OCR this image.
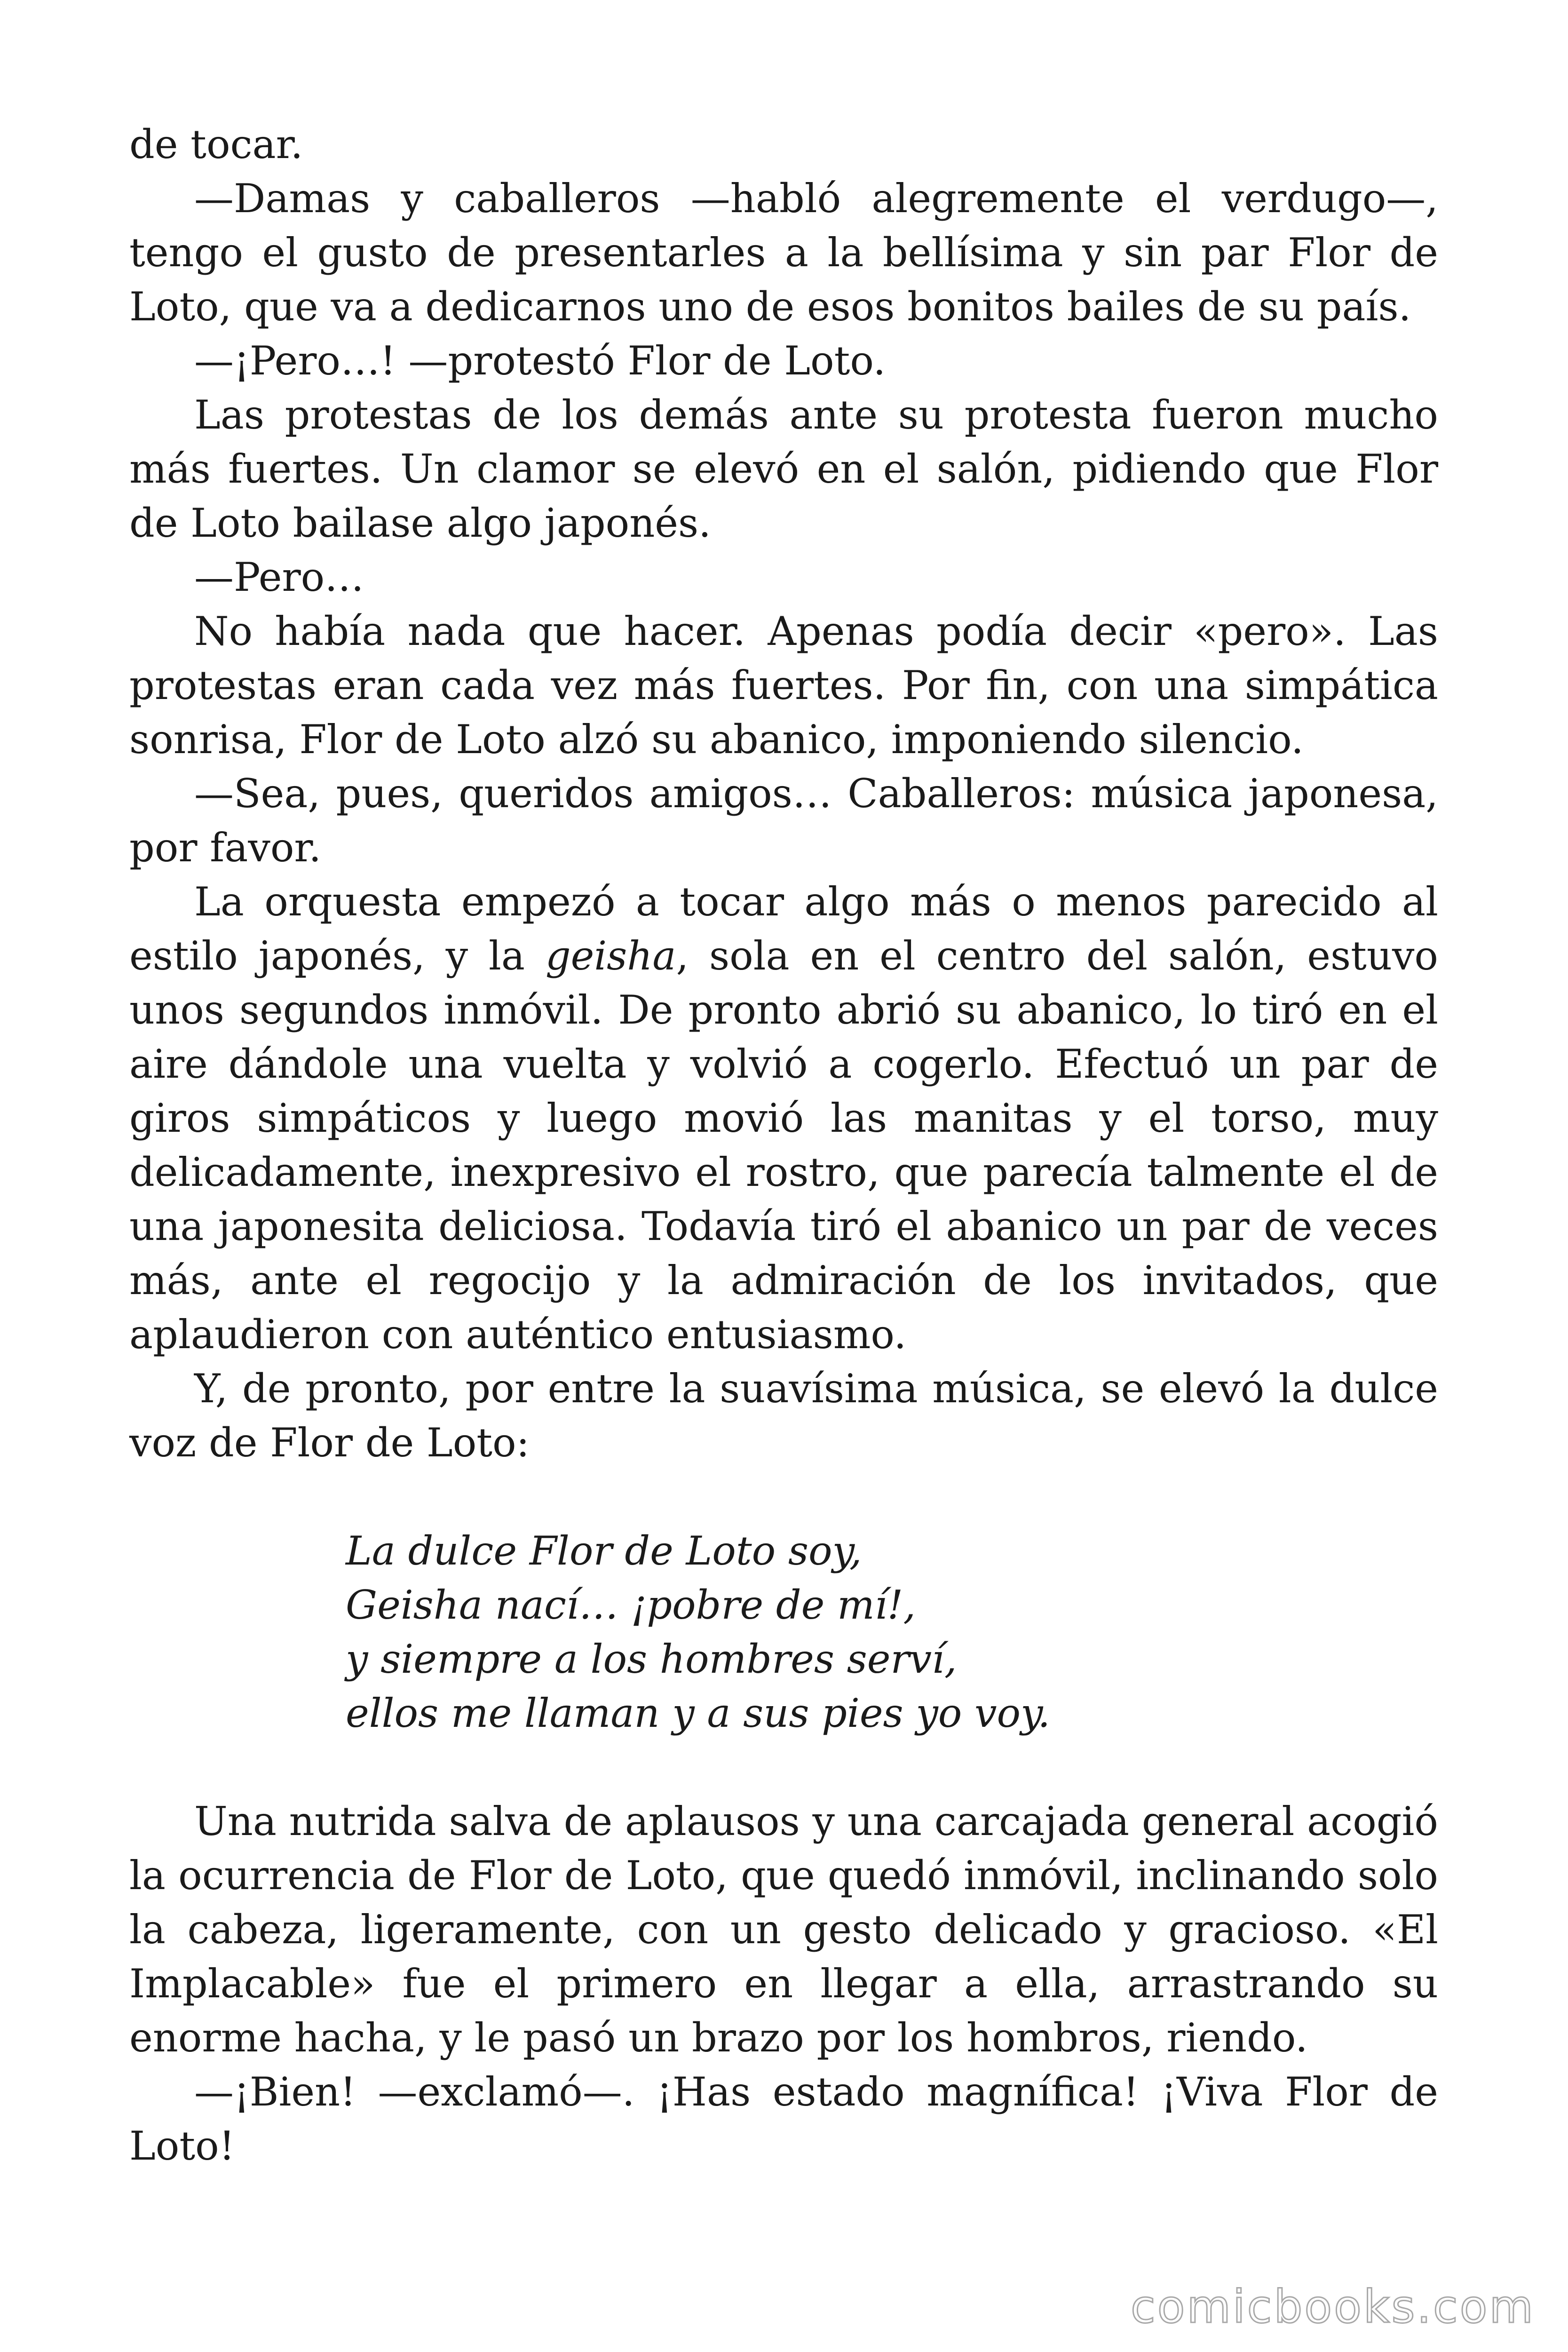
de tocar.

—Damas y caballeros —habló alegremente el verdugo—, tengo el gusto de presentarles a la bellísima y sin par Flor de Loto, que va a dedicarnos uno de esos bonitos bailes de su país.

—¡Pero…! —protestó Flor de Loto.

Las protestas de los demás ante su protesta fueron mucho más fuertes. Un clamor se elevó en el salón, pidiendo que Flor de Loto bailase algo japonés.

—Pero…

No había nada que hacer. Apenas podía decir «pero». Las protestas eran cada vez más fuertes. Por fin, con una simpática sonrisa, Flor de Loto alzó su abanico, imponiendo silencio.

—Sea, pues, queridos amigos… Caballeros: música japonesa, por favor.

La orquesta empezó a tocar algo más o menos parecido al estilo japonés, y la geisha, sola en el centro del salón, estuvo unos segundos inmóvil. De pronto abrió su abanico, lo tiró en el aire dándole una vuelta y volvió a cogerlo. Efectuó un par de giros simpáticos y luego movió las manitas y el torso, muy delicadamente, inexpresivo el rostro, que parecía talmente el de una japonesita deliciosa. Todavía tiró el abanico un par de veces más, ante el regocijo y la admiración de los invitados, que aplaudieron con auténtico entusiasmo.

Y, de pronto, por entre la suavísima música, se elevó la dulce voz de Flor de Loto:

La dulce Flor de Loto soy,
Geisha nací… ¡pobre de mí!,
y siempre a los hombres serví,
ellos me llaman y a sus pies yo voy.

Una nutrida salva de aplausos y una carcajada general acogió la ocurrencia de Flor de Loto, que quedó inmóvil, inclinando solo la cabeza, ligeramente, con un gesto delicado y gracioso. «El Implacable» fue el primero en llegar a ella, arrastrando su enorme hacha, y le pasó un brazo por los hombros, riendo.

—¡Bien! —exclamó—. ¡Has estado magnífica! ¡Viva Flor de Loto!

comicbooks.com
